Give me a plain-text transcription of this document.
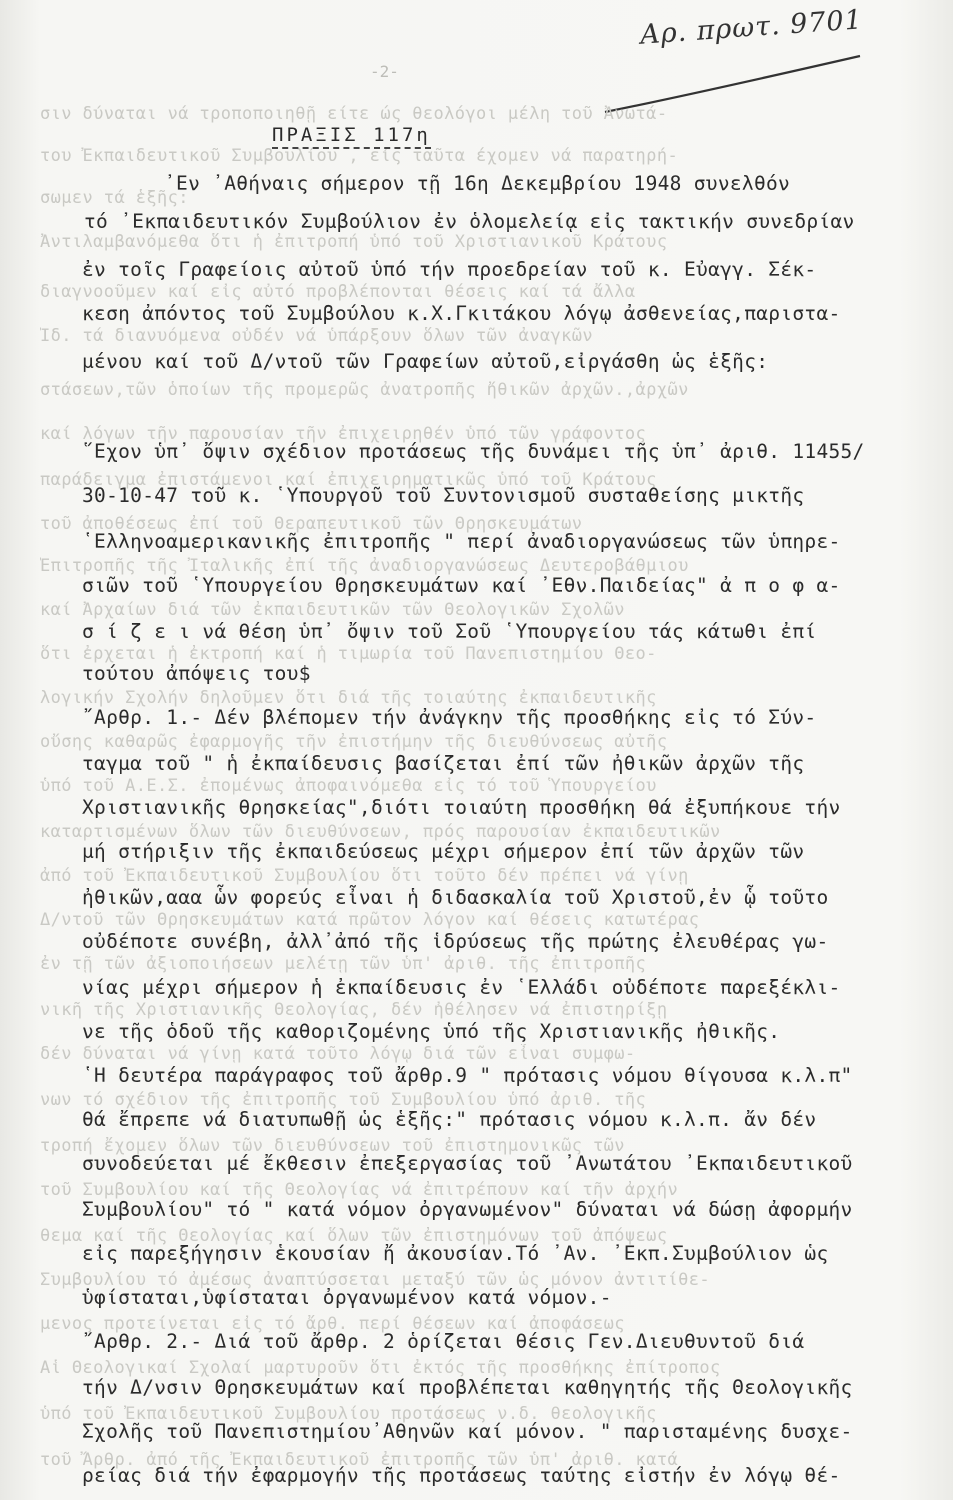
Αρ. πρωτ. 9701
-2-
σιν δύναται νά τροποποιηθῇ είτε ώς θεολόγοι μέλη τοῦ Ἀνωτά-
του Ἐκπαιδευτικοῦ Συμβουλίου , εἰς ταῦτα έχομεν νά παρατηρή-
σωμεν τά ἑξῆς:
Ἀντιλαμβανόμεθα ὅτι ἡ ἐπιτροπή ὑπό τοῦ Χριστιανικοῦ Κράτους
διαγνοοῦμεν καί εἰς αὐτό προβλέπονται θέσεις καί τά ἄλλα
Ἰδ. τά διανυόμενα οὐδέν νά ὑπάρξουν ὅλων τῶν ἀναγκῶν
στάσεων,τῶν ὁποίων τῆς προμερῶς ἀνατροπῆς ἤθικῶν ἀρχῶν.,ἀρχῶν
καί λόγων τῆν παρουσίαν τῆν ἐπιχειρηθέν ὑπό τῶν γράφοντος
παράδειγμα ἐπιστάμενοι καί ἐπιχειρηματικῶς ὑπό τοῦ Κράτους
τοῦ ἀποθέσεως ἐπί τοῦ Θεραπευτικοῦ τῶν Θρησκευμάτων
Ἐπιτροπῆς τῆς Ἰταλικῆς ἐπί τῆς ἀναδιοργανώσεως Δευτεροβάθμιου
καί Ἀρχαίων διά τῶν ἐκπαιδευτικῶν τῶν Θεολογικῶν Σχολῶν
ὅτι ἐρχεται ἡ ἐκτροπή καί ἡ τιμωρία τοῦ Πανεπιστημίου Θεο-
λογικήν Σχολήν δηλοῦμεν ὅτι διά τῆς τοιαύτης ἐκπαιδευτικῆς
οὔσης καθαρῶς ἐφαρμογῆς τῆν ἐπιστήμην τῆς διευθύνσεως αὐτῆς
ὑπό τοῦ Α.Ε.Σ. ἐπομένως ἀποφαινόμεθα εἰς τό τοῦ Ὑπουργείου
καταρτισμένων ὅλων τῶν διευθύνσεων, πρός παρουσίαν ἐκπαιδευτικῶν
ἀπό τοῦ Ἐκπαιδευτικοῦ Συμβουλίου ὅτι τοῦτο δέν πρέπει νά γίνῃ
Δ/ντοῦ τῶν Θρησκευμάτων κατά πρῶτον λόγον καί θέσεις κατωτέρας
ἐν τῇ τῶν ἀξιοποιήσεων μελέτῃ τῶν ὑπ' ἀριθ. τῆς ἐπιτροπῆς
νικῆ τῆς Χριστιανικῆς Θεολογίας, δέν ἠθέλησεν νά ἐπιστηρίξῃ
δέν δύναται νά γίνῃ κατά τοῦτο λόγῳ διά τῶν εἶναι συμφω-
νων τό σχέδιον τῆς ἐπιτροπῆς τοῦ Συμβουλίου ὑπό ἀριθ. τῆς
τροπή ἔχομεν ὅλων τῶν διευθύνσεων τοῦ ἐπιστημονικῶς τῶν
τοῦ Συμβουλίου καί τῆς Θεολογίας νά ἐπιτρέπουν καί τῆν ἀρχήν
θεμα καί τῆς Θεολογίας καί ὅλων τῶν ἐπιστημόνων τοῦ ἀπόψεως
Συμβουλίου τό ἀμέσως ἀναπτύσσεται μεταξύ τῶν ὡς μόνον ἀντιτίθε-
μενος προτείνεται εἰς τό ἄρθ. περί θέσεων καί ἀποφάσεως
Αἱ Θεολογικαί Σχολαί μαρτυροῦν ὅτι ἐκτός τῆς προσθήκης ἐπίτροπος
ὑπό τοῦ Ἐκπαιδευτικοῦ Συμβουλίου προτάσεως ν.δ. θεολογικῆς
τοῦ Ἄρθρ. ἀπό τῆς Ἐκπαιδευτικοῦ ἐπιτροπῆς τῶν ὑπ' ἀριθ. κατά
ΠΡΑΞΙΣ 117η
᾿Εν ᾿Αθήναις σήμερον τῇ 16η Δεκεμβρίου 1948 συνελθόν
τό ᾿Εκπαιδευτικόν Συμβούλιον ἐν ὁλομελείᾳ εἰς τακτικήν συνεδρίαν
ἐν τοῖς Γραφείοις αὐτοῦ ὑπό τήν προεδρείαν τοῦ κ. Εὐαγγ. Σέκ-
κεση ἀπόντος τοῦ Συμβούλου κ.Χ.Γκιτάκου λόγῳ ἀσθενείας,παριστα-
μένου καί τοῦ Δ/ντοῦ τῶν Γραφείων αὐτοῦ,εἰργάσθη ὡς ἑξῆς:
῞Εχον ὑπ᾿ ὄψιν σχέδιον προτάσεως τῆς δυνάμει τῆς ὑπ᾿ ἀριθ. 11455/
30-10-47 τοῦ κ. ῾Υπουργοῦ τοῦ Συντονισμοῦ συσταθείσης μικτῆς
῾Ελληνοαμερικανικῆς ἐπιτροπῆς " περί ἀναδιοργανώσεως τῶν ὑπηρε-
σιῶν τοῦ ῾Υπουργείου Θρησκευμάτων καί ᾿Εθν.Παιδείας" ἀ π ο φ α-
σ ί ζ ε ι νά θέση ὑπ᾿ ὄψιν τοῦ Σοῦ ῾Υπουργείου τάς κάτωθι ἐπί
τούτου ἀπόψεις του$
῎Αρθρ. 1.- Δέν βλέπομεν τήν ἀνάγκην τῆς προσθήκης εἰς τό Σύν-
ταγμα τοῦ " ἡ ἐκπαίδευσις βασίζεται ἐπί τῶν ἠθικῶν ἀρχῶν τῆς
Χριστιανικῆς θρησκείας",διότι τοιαύτη προσθήκη θά ἐξυπήκουε τήν
μή στήριξιν τῆς ἐκπαιδεύσεως μέχρι σήμερον ἐπί τῶν ἀρχῶν τῶν
ἠθικῶν,ααα ὧν φορεύς εἶναι ἡ διδασκαλία τοῦ Χριστοῦ,ἐν ᾧ τοῦτο
οὐδέποτε συνέβη, ἀλλ᾿ἀπό τῆς ἱδρύσεως τῆς πρώτης ἐλευθέρας γω-
νίας μέχρι σήμερον ἡ ἐκπαίδευσις ἐν ῾Ελλάδι οὐδέποτε παρεξέκλι-
νε τῆς ὁδοῦ τῆς καθοριζομένης ὑπό τῆς Χριστιανικῆς ἠθικῆς.
῾Η δευτέρα παράγραφος τοῦ ἄρθρ.9 " πρότασις νόμου θίγουσα κ.λ.π"
θά ἔπρεπε νά διατυπωθῇ ὡς ἑξῆς:" πρότασις νόμου κ.λ.π. ἄν δέν
συνοδεύεται μέ ἔκθεσιν ἐπεξεργασίας τοῦ ᾿Ανωτάτου ᾿Εκπαιδευτικοῦ
Συμβουλίου" τό " κατά νόμον ὀργανωμένον" δύναται νά δώσῃ ἀφορμήν
εἰς παρεξήγησιν ἑκουσίαν ἤ ἀκουσίαν.Τό ᾿Αν. ᾿Εκπ.Συμβούλιον ὡς
ὑφίσταται,ὑφίσταται ὀργανωμένον κατά νόμον.-
῎Αρθρ. 2.- Διά τοῦ ἄρθρ. 2 ὁρίζεται θέσις Γεν.Διευθυντοῦ διά
τήν Δ/νσιν Θρησκευμάτων καί προβλέπεται καθηγητής τῆς Θεολογικῆς
Σχολῆς τοῦ Πανεπιστημίου᾿Αθηνῶν καί μόνον. " παρισταμένης δυσχε-
ρείας διά τήν ἐφαρμογήν τῆς προτάσεως ταύτης εἰστήν ἐν λόγῳ θέ-
